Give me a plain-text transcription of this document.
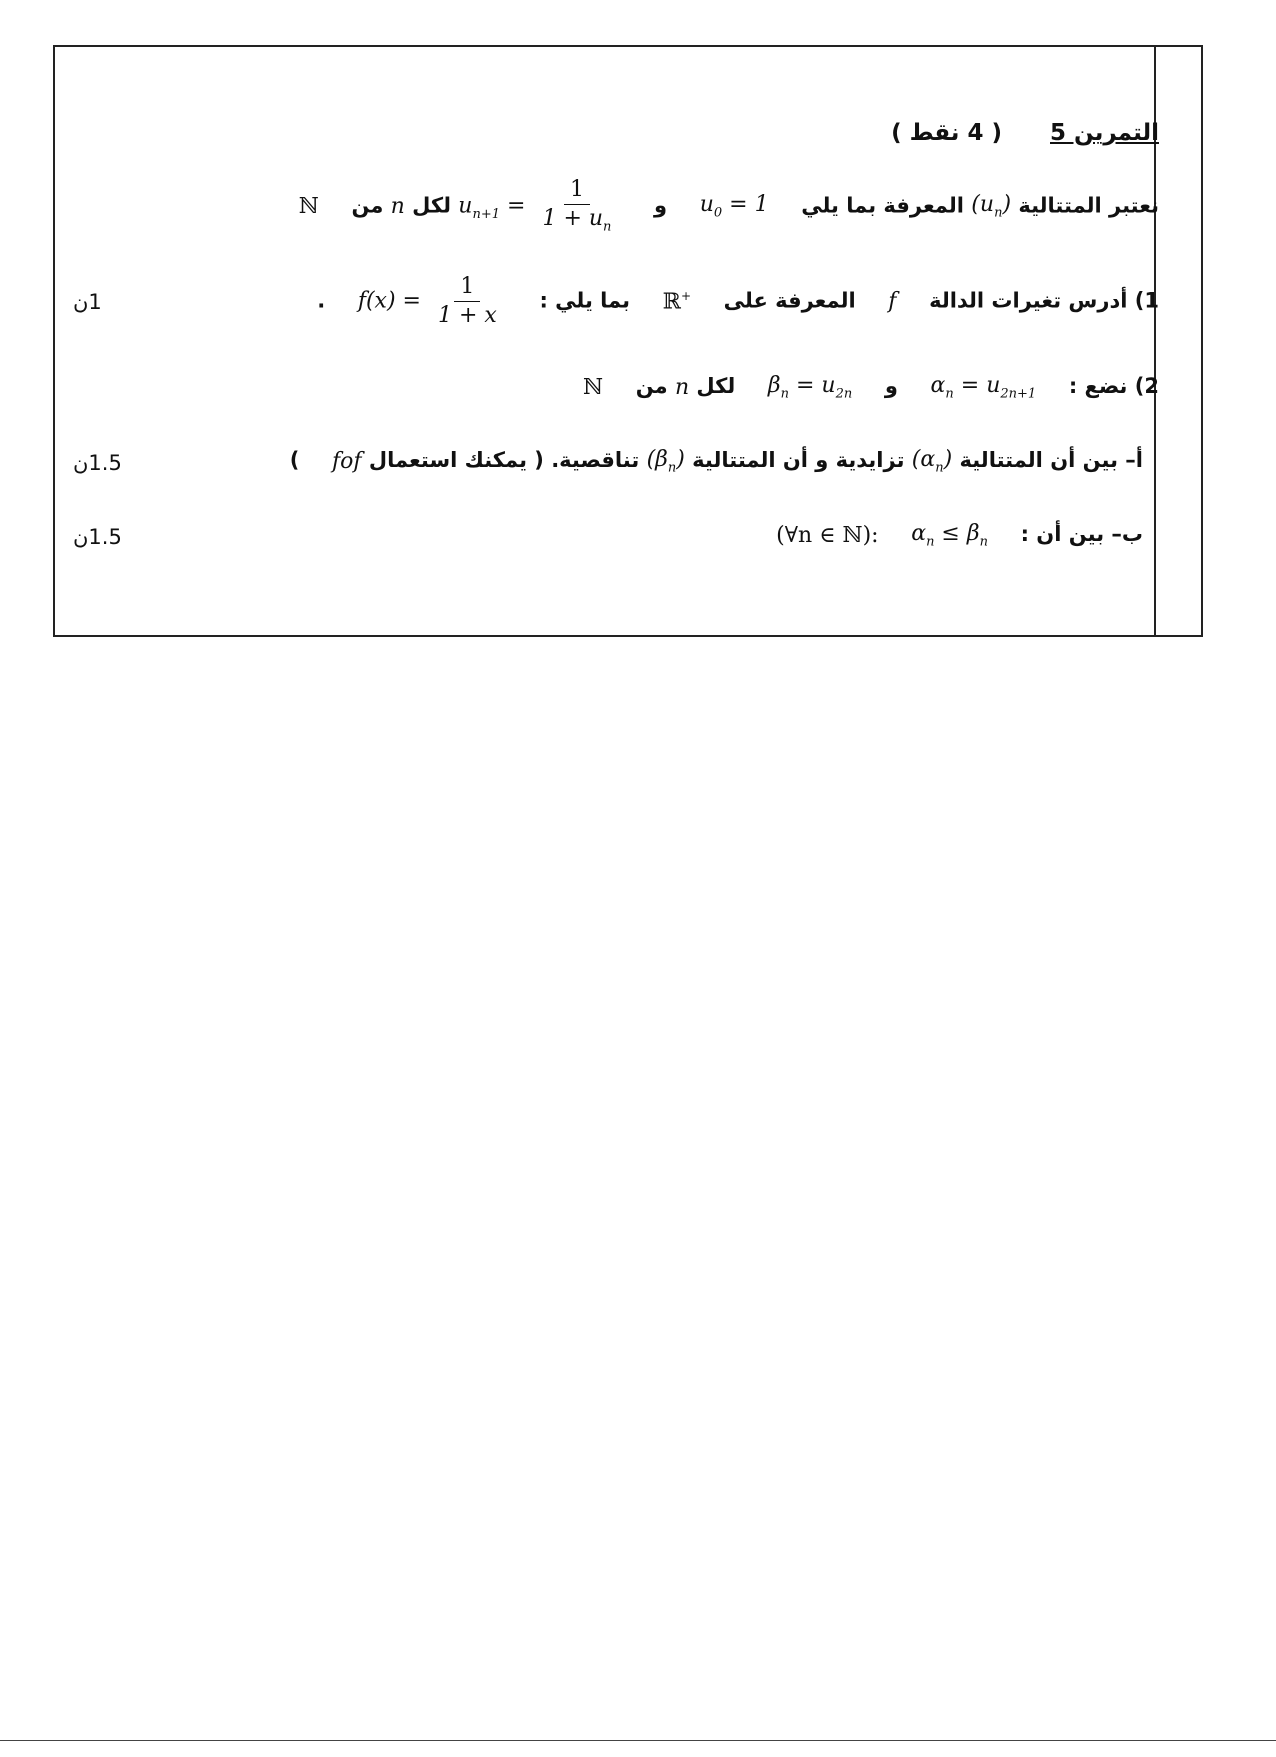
التمرين 5 ( 4 نقط )
نعتبر المتتالية $(u_n)$ المعرفة بما يلي  $u_0 = 1$  و  $u_{n+1} = \frac{1}{1 + u_n}$
لكل n من  ℕ
1) أدرس تغيرات الدالة  f  المعرفة على  ℝ+  بما يلي :  $f(x) = \frac{1}{1 + x}$
.
1ن
2) نضع :  $\alpha_n = u_{2n+1}$  و  $\beta_n = u_{2n}$  لكل n من  ℕ
أ– بين أن المتتالية $(\alpha_n)$ تزايدية و أن المتتالية $(\beta_n)$ تناقصية. ( يمكنك استعمال fof  )
1.5ن
ب– بين أن :  $\alpha_n \le \beta_n$  (∀n ∈ ℕ):
1.5ن
